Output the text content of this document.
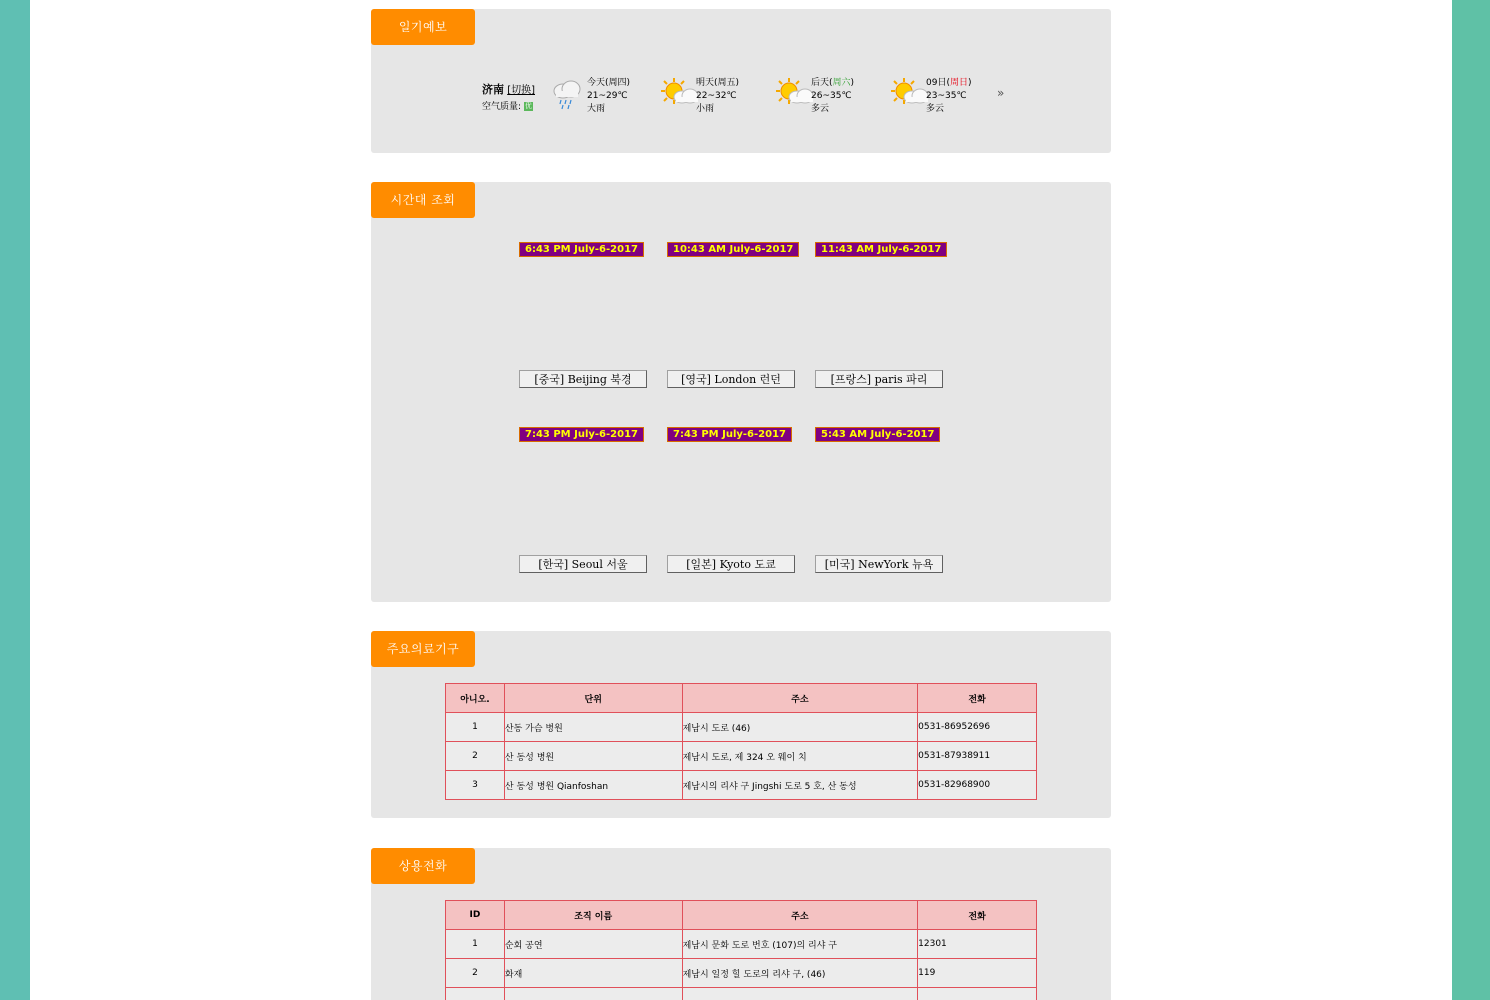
일기예보
济南 [切换]
空气质量: 优
今天(周四)
21~29℃
大雨
明天(周五)
22~32℃
小雨
后天(周六)
26~35℃
多云
09日(周日)
23~35℃
多云
»
시간대 조회
6:43 PM July-6-2017	10:43 AM July-6-2017	11:43 AM July-6-2017
[중국] Beijing 북경	[영국] London 런던	[프랑스] paris 파리
7:43 PM July-6-2017	7:43 PM July-6-2017	5:43 AM July-6-2017
[한국] Seoul 서울	[일본] Kyoto 도쿄	[미국] NewYork 뉴욕
주요의료기구
아니오.	단위	주소	전화
1	산동 가슴 병원	제남시 도로 (46)	0531-86952696
2	산 동성 병원	제남시 도로, 제 324 오 웨이 치	0531-87938911
3	산 동성 병원 Qianfoshan	제남시의 리샤 구 Jingshi 도로 5 호, 산 동성	0531-82968900
상용전화
ID	조직 이름	주소	전화
1	순회 공연	제남시 문화 도로 번호 (107)의 리샤 구	12301
2	화재	제남시 일정 힐 도로의 리샤 구, (46)	119
